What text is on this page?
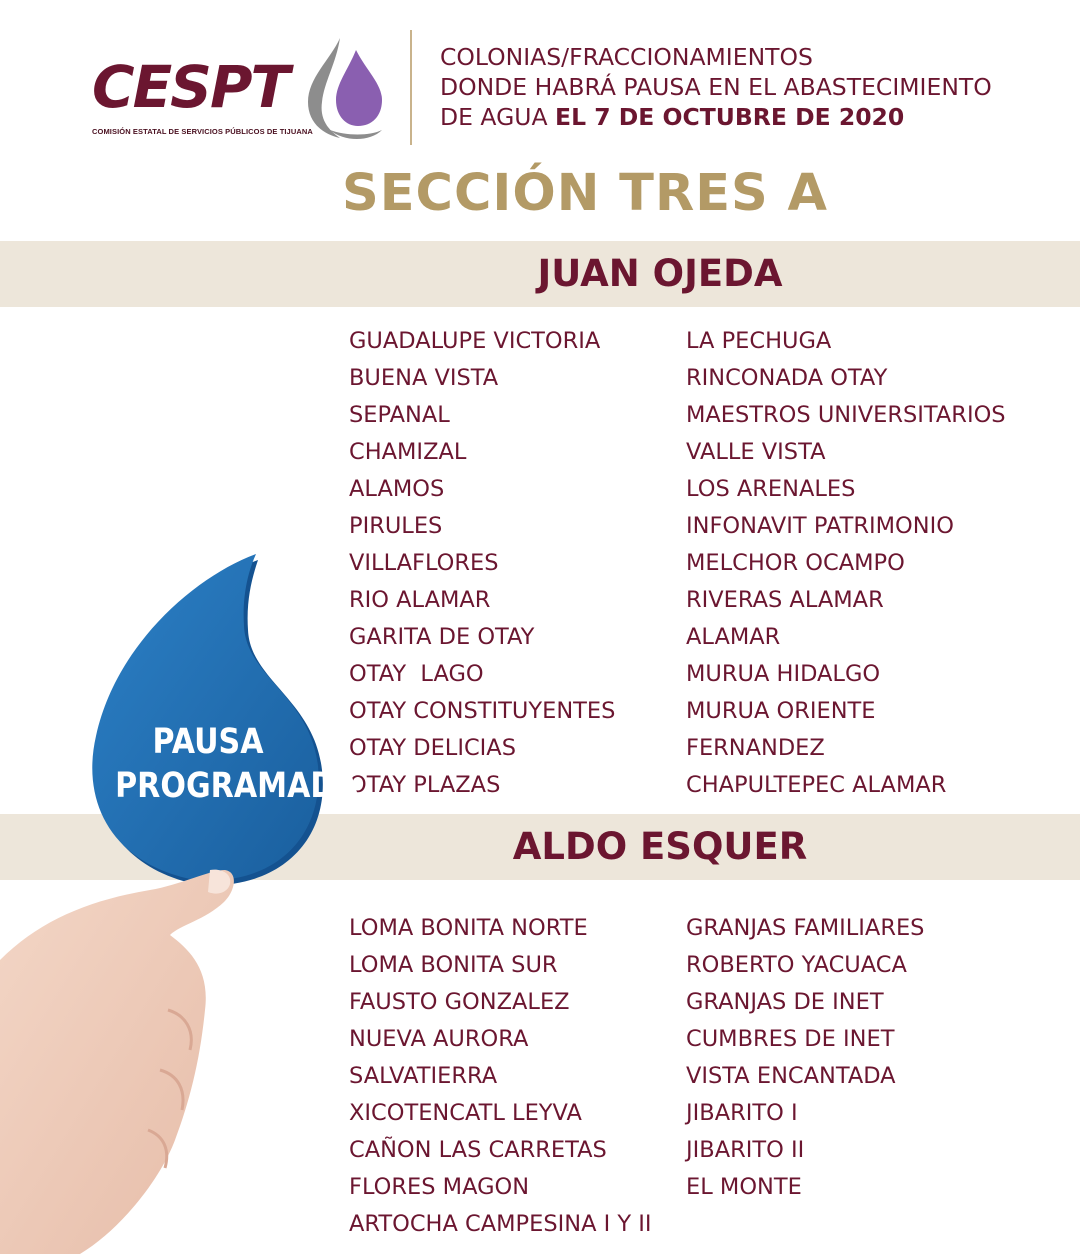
CESPT
COMISIÓN ESTATAL DE SERVICIOS PÚBLICOS DE TIJUANA
COLONIAS/FRACCIONAMIENTOS
DONDE HABRÁ PAUSA EN EL ABASTECIMIENTO
DE AGUA EL 7 DE OCTUBRE DE 2020
SECCIÓN TRES A
JUAN OJEDA
GUADALUPE VICTORIA
BUENA VISTA
SEPANAL
CHAMIZAL
ALAMOS
PIRULES
VILLAFLORES
RIO ALAMAR
GARITA DE OTAY
OTAY  LAGO
OTAY CONSTITUYENTES
OTAY DELICIAS
OTAY PLAZAS
LA PECHUGA
RINCONADA OTAY
MAESTROS UNIVERSITARIOS
VALLE VISTA
LOS ARENALES
INFONAVIT PATRIMONIO
MELCHOR OCAMPO
RIVERAS ALAMAR
ALAMAR
MURUA HIDALGO
MURUA ORIENTE
FERNANDEZ
CHAPULTEPEC ALAMAR
ALDO ESQUER
LOMA BONITA NORTE
LOMA BONITA SUR
FAUSTO GONZALEZ
NUEVA AURORA
SALVATIERRA
XICOTENCATL LEYVA
CAÑON LAS CARRETAS
FLORES MAGON
ARTOCHA CAMPESINA I Y II
GRANJAS FAMILIARES
ROBERTO YACUACA
GRANJAS DE INET
CUMBRES DE INET
VISTA ENCANTADA
JIBARITO I
JIBARITO II
EL MONTE
PAUSA
PROGRAMADA
